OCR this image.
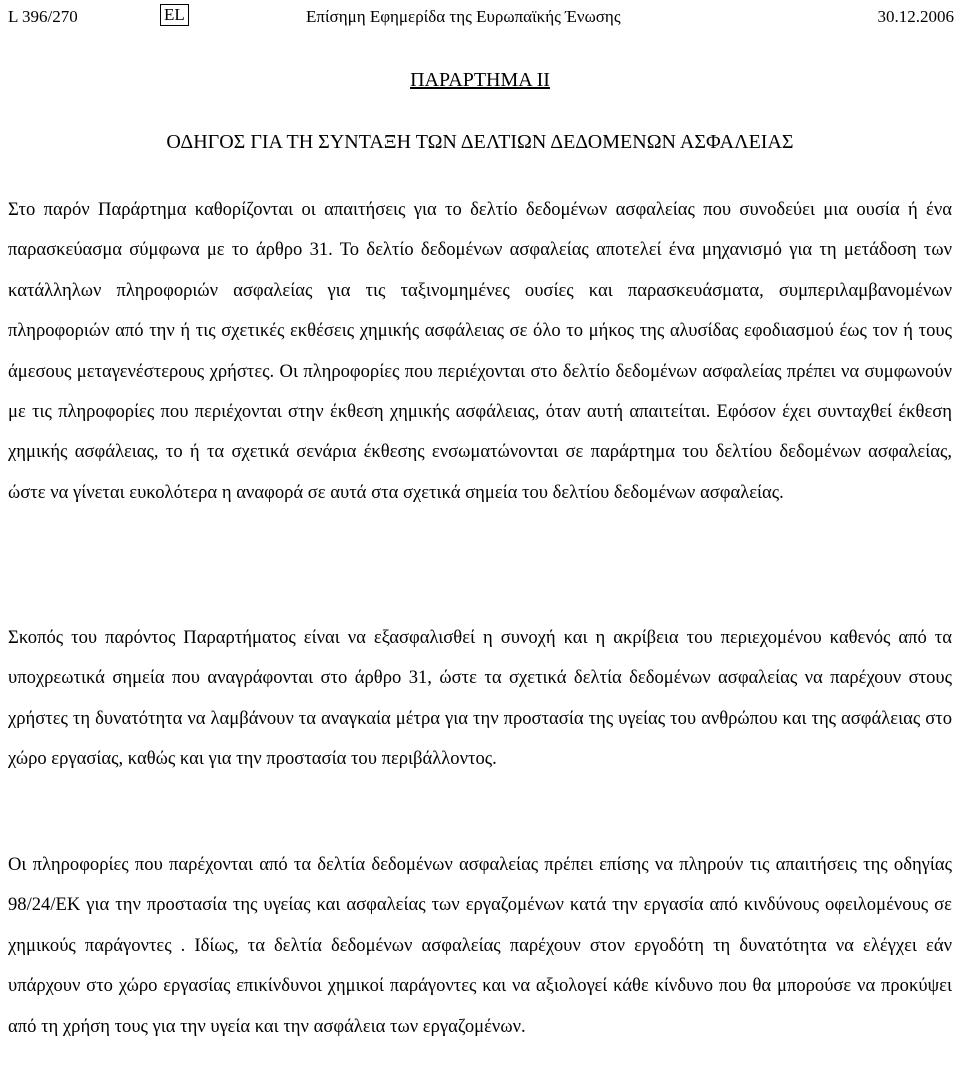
L 396/270	EL	Επίσημη Εφημερίδα της Ευρωπαϊκής Ένωσης	30.12.2006
ΠΑΡΑΡΤΗΜΑ ΙΙ
ΟΔΗΓΟΣ ΓΙΑ ΤΗ ΣΥΝΤΑΞΗ ΤΩΝ ΔΕΛΤΙΩΝ ΔΕΔΟΜΕΝΩΝ ΑΣΦΑΛΕΙΑΣ
Στο παρόν Παράρτημα καθορίζονται οι απαιτήσεις για το δελτίο δεδομένων ασφαλείας που συνοδεύει μια ουσία ή ένα παρασκεύασμα σύμφωνα με το άρθρο 31. Το δελτίο δεδομένων ασφαλείας αποτελεί ένα μηχανισμό για τη μετάδοση των κατάλληλων πληροφοριών ασφαλείας για τις ταξινομημένες ουσίες και παρασκευάσματα, συμπεριλαμβανομένων πληροφοριών από την ή τις σχετικές εκθέσεις χημικής ασφάλειας σε όλο το μήκος της αλυσίδας εφοδιασμού έως τον ή τους άμεσους μεταγενέστερους χρήστες. Οι πληροφορίες που περιέχονται στο δελτίο δεδομένων ασφαλείας πρέπει να συμφωνούν με τις πληροφορίες που περιέχονται στην έκθεση χημικής ασφάλειας, όταν αυτή απαιτείται. Εφόσον έχει συνταχθεί έκθεση χημικής ασφάλειας, το ή τα σχετικά σενάρια έκθεσης ενσωματώνονται σε παράρτημα του δελτίου δεδομένων ασφαλείας, ώστε να γίνεται ευκολότερα η αναφορά σε αυτά στα σχετικά σημεία του δελτίου δεδομένων ασφαλείας.
Σκοπός του παρόντος Παραρτήματος είναι να εξασφαλισθεί η συνοχή και η ακρίβεια του περιεχομένου καθενός από τα υποχρεωτικά σημεία που αναγράφονται στο άρθρο 31, ώστε τα σχετικά δελτία δεδομένων ασφαλείας να παρέχουν στους χρήστες τη δυνατότητα να λαμβάνουν τα αναγκαία μέτρα για την προστασία της υγείας του ανθρώπου και της ασφάλειας στο χώρο εργασίας, καθώς και για την προστασία του περιβάλλοντος.
Οι πληροφορίες που παρέχονται από τα δελτία δεδομένων ασφαλείας πρέπει επίσης να πληρούν τις απαιτήσεις της οδηγίας 98/24/ΕΚ για την προστασία της υγείας και ασφαλείας των εργαζομένων κατά την εργασία από κινδύνους οφειλομένους σε χημικούς παράγοντες . Ιδίως, τα δελτία δεδομένων ασφαλείας παρέχουν στον εργοδότη τη δυνατότητα να ελέγχει εάν υπάρχουν στο χώρο εργασίας επικίνδυνοι χημικοί παράγοντες και να αξιολογεί κάθε κίνδυνο που θα μπορούσε να προκύψει από τη χρήση τους για την υγεία και την ασφάλεια των εργαζομένων.
